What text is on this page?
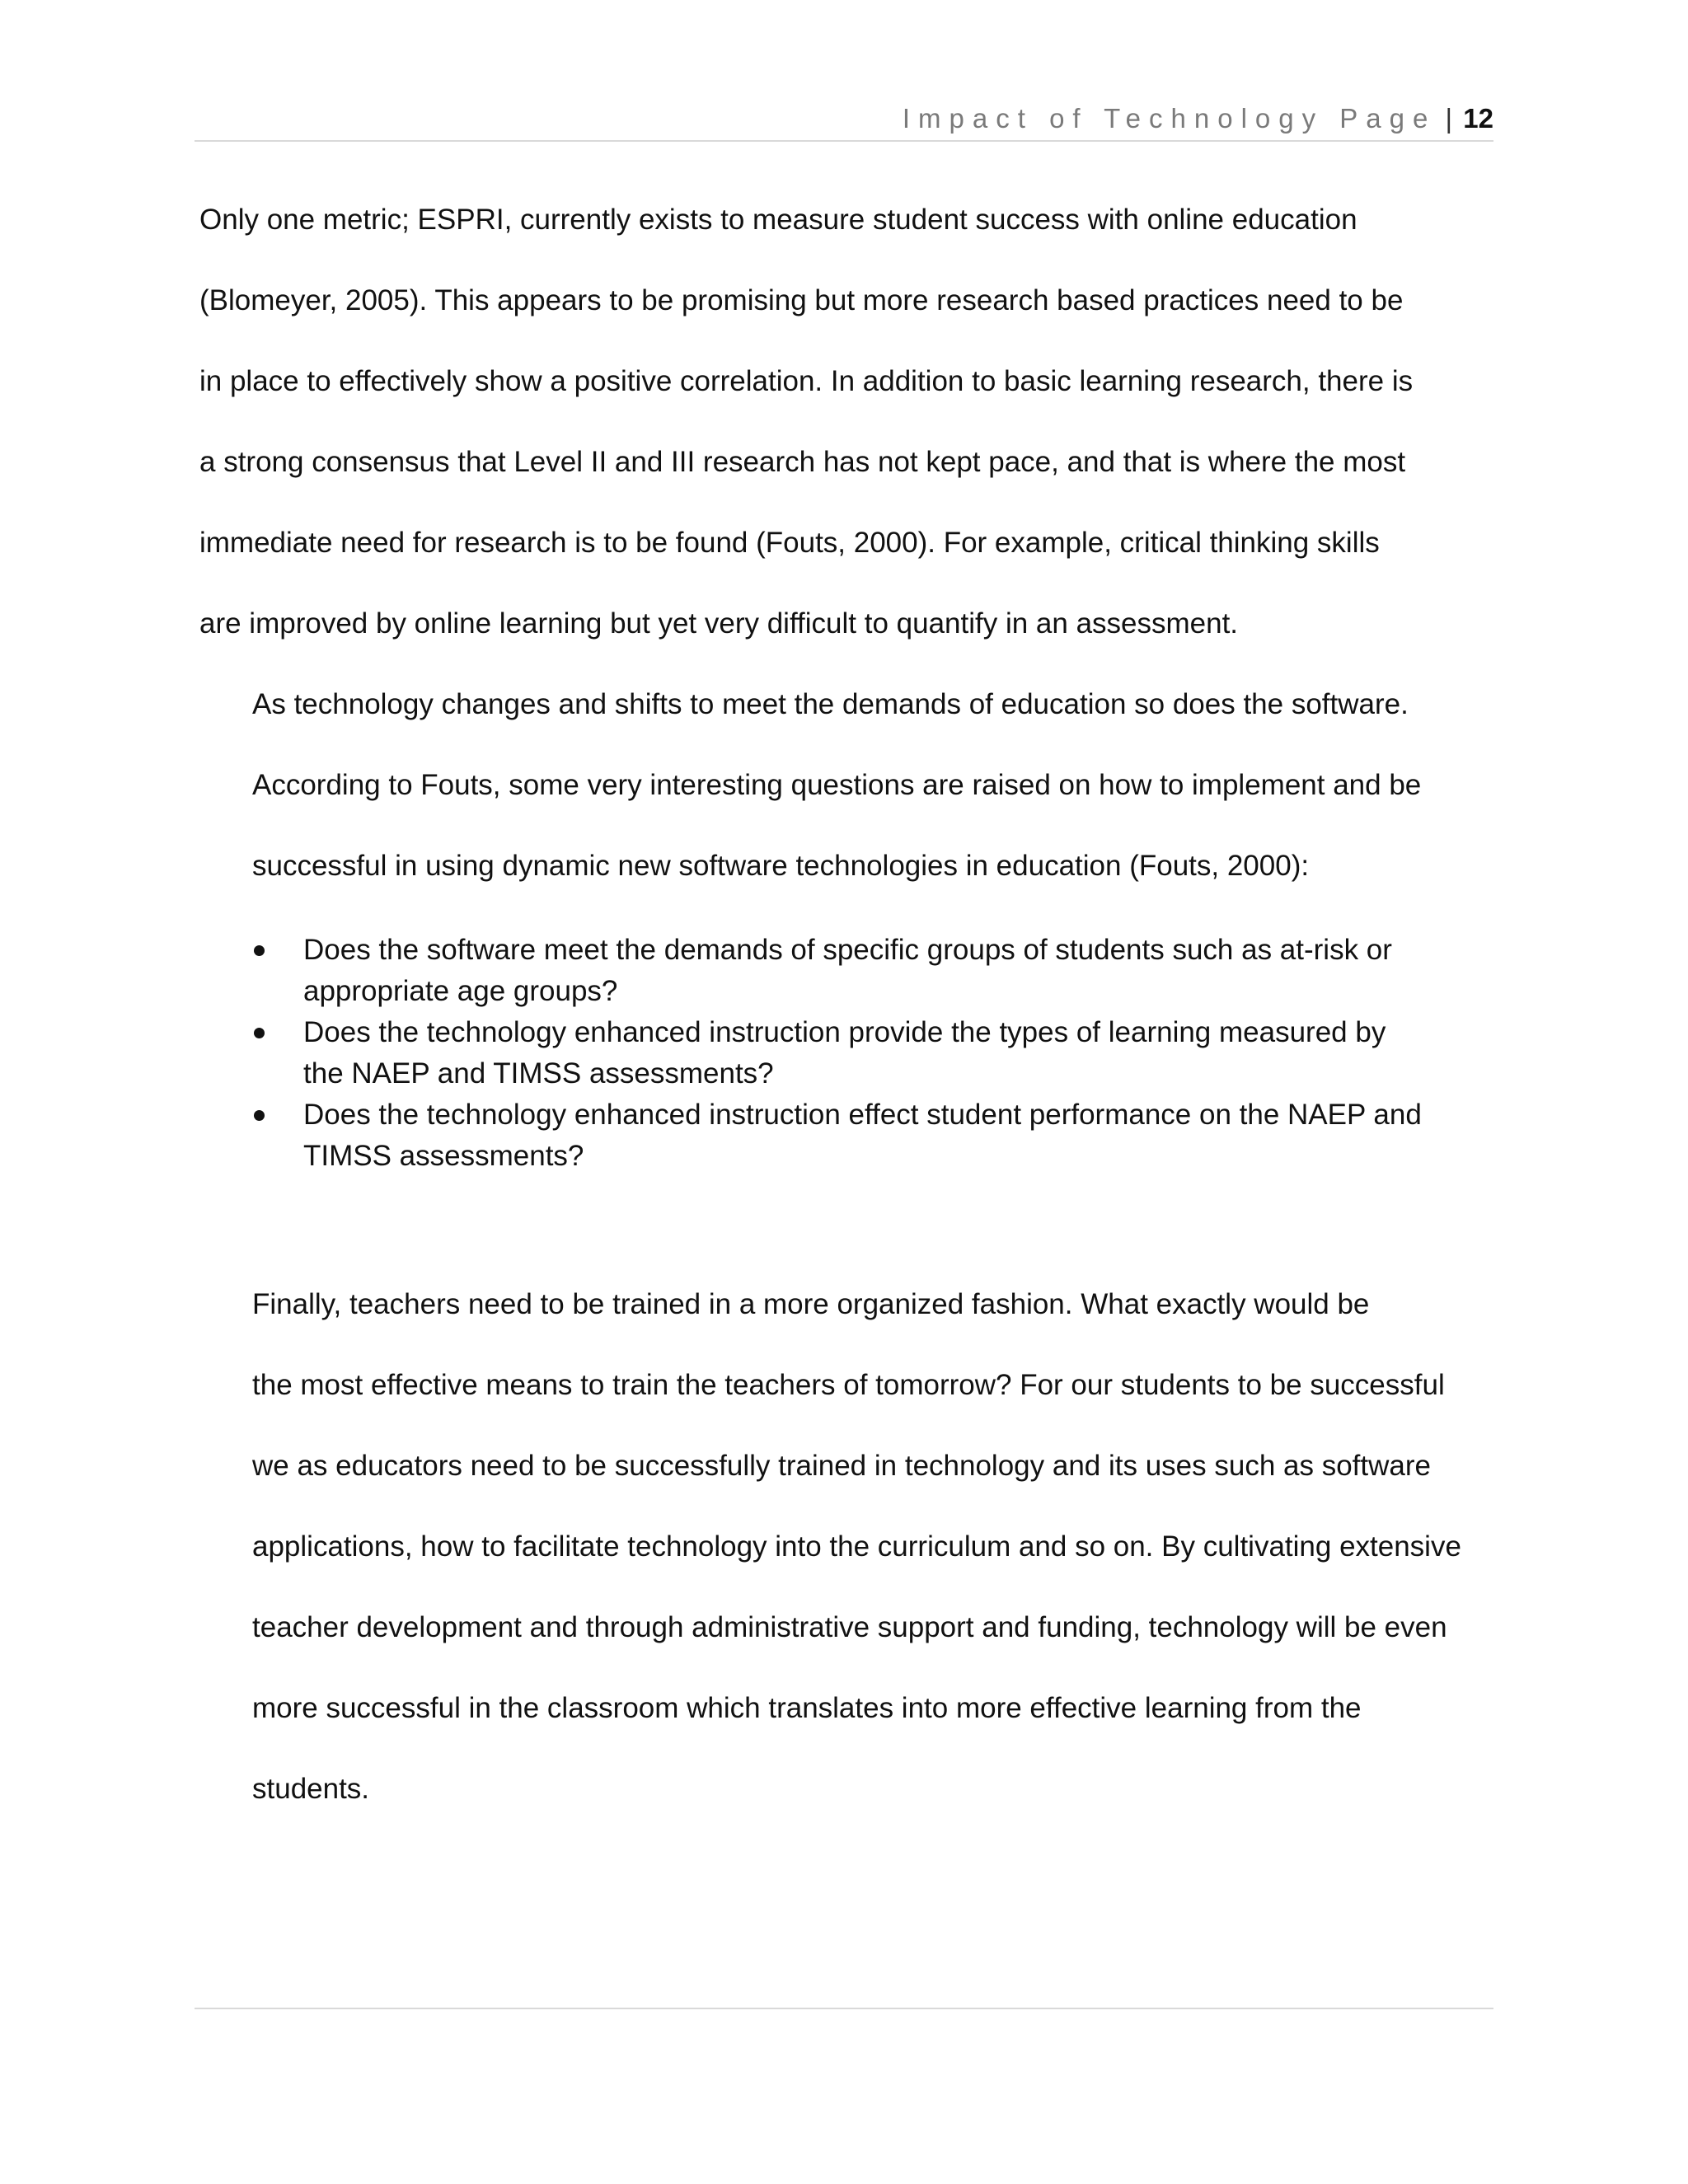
Impact of Technology Page | 12

Only one metric; ESPRI, currently exists to measure student success with online education
(Blomeyer, 2005). This appears to be promising but more research based practices need to be
in place to effectively show a positive correlation. In addition to basic learning research, there is
a strong consensus that Level II and III research has not kept pace, and that is where the most
immediate need for research is to be found (Fouts, 2000). For example, critical thinking skills
are improved by online learning but yet very difficult to quantify in an assessment.

As technology changes and shifts to meet the demands of education so does the software.
According to Fouts, some very interesting questions are raised on how to implement and be
successful in using dynamic new software technologies in education (Fouts, 2000):

Does the software meet the demands of specific groups of students such as at-risk or
appropriate age groups?
Does the technology enhanced instruction provide the types of learning measured by
the NAEP and TIMSS assessments?
Does the technology enhanced instruction effect student performance on the NAEP and
TIMSS assessments?

Finally, teachers need to be trained in a more organized fashion. What exactly would be
the most effective means to train the teachers of tomorrow? For our students to be successful
we as educators need to be successfully trained in technology and its uses such as software
applications, how to facilitate technology into the curriculum and so on. By cultivating extensive
teacher development and through administrative support and funding, technology will be even
more successful in the classroom which translates into more effective learning from the
students.
